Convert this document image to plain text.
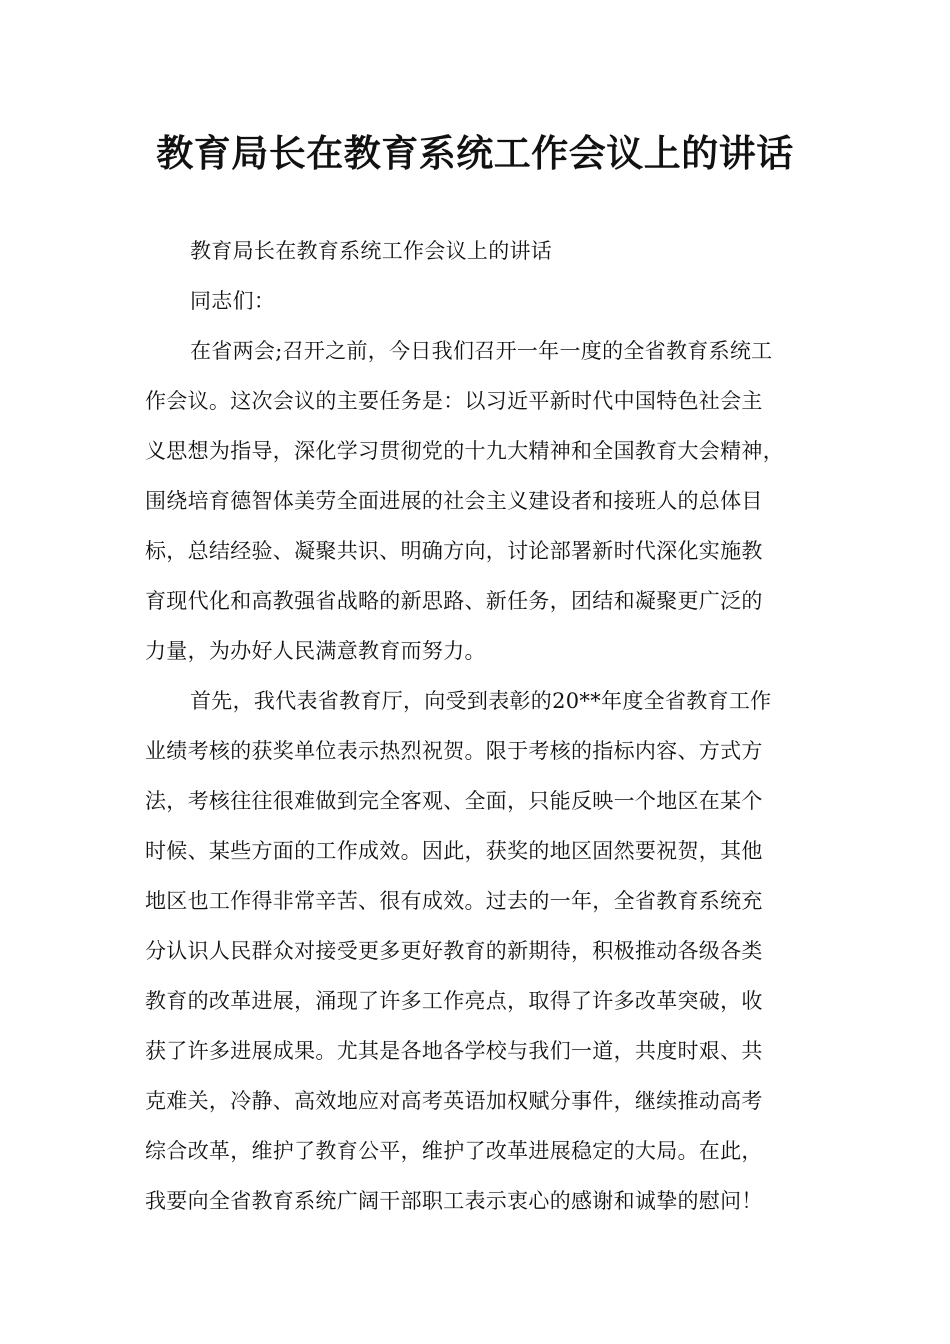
教育局长在教育系统工作会议上的讲话

教育局长在教育系统工作会议上的讲话

同志们：

在省两会;召开之前，今日我们召开一年一度的全省教育系统工

作会议。这次会议的主要任务是：以习近平新时代中国特色社会主

义思想为指导，深化学习贯彻党的十九大精神和全国教育大会精神，

围绕培育德智体美劳全面进展的社会主义建设者和接班人的总体目

标，总结经验、凝聚共识、明确方向，讨论部署新时代深化实施教

育现代化和高教强省战略的新思路、新任务，团结和凝聚更广泛的

力量，为办好人民满意教育而努力。

首先，我代表省教育厅，向受到表彰的20**年度全省教育工作

业绩考核的获奖单位表示热烈祝贺。限于考核的指标内容、方式方

法，考核往往很难做到完全客观、全面，只能反映一个地区在某个

时候、某些方面的工作成效。因此，获奖的地区固然要祝贺，其他

地区也工作得非常辛苦、很有成效。过去的一年，全省教育系统充

分认识人民群众对接受更多更好教育的新期待，积极推动各级各类

教育的改革进展，涌现了许多工作亮点，取得了许多改革突破，收

获了许多进展成果。尤其是各地各学校与我们一道，共度时艰、共

克难关，冷静、高效地应对高考英语加权赋分事件，继续推动高考

综合改革，维护了教育公平，维护了改革进展稳定的大局。在此，

我要向全省教育系统广阔干部职工表示衷心的感谢和诚挚的慰问！
